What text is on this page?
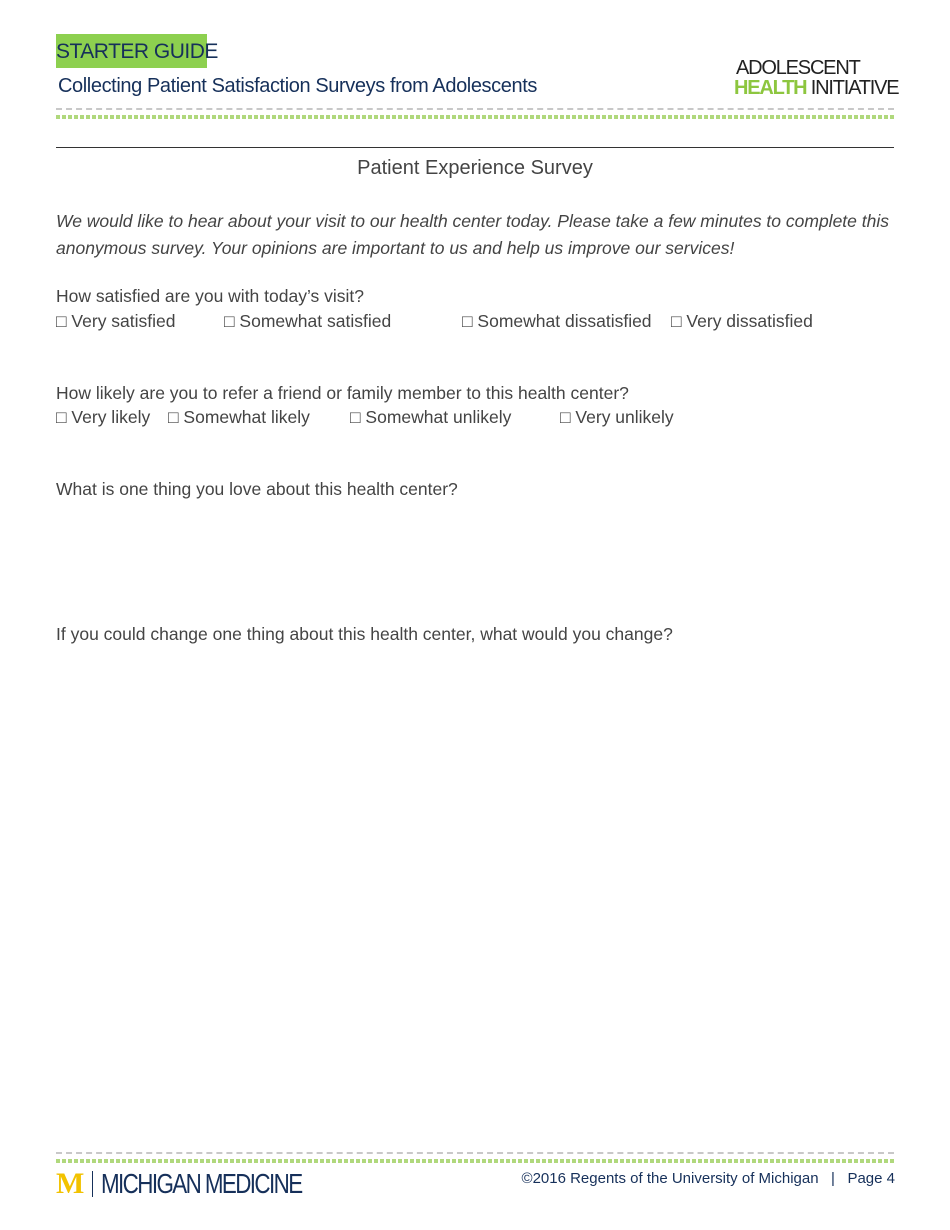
STARTER GUIDE
Collecting Patient Satisfaction Surveys from Adolescents
ADOLESCENT
HEALTH INITIATIVE
Patient Experience Survey
We would like to hear about your visit to our health center today. Please take a few minutes to complete this anonymous survey. Your opinions are important to us and help us improve our services!
How satisfied are you with today’s visit?
□ Very satisfied	□ Somewhat satisfied	□ Somewhat dissatisfied □ Very dissatisfied
How likely are you to refer a friend or family member to this health center?
□ Very likely □ Somewhat likely □ Somewhat unlikely	□ Very unlikely
What is one thing you love about this health center?
If you could change one thing about this health center, what would you change?
M MICHIGAN MEDICINE	©2016 Regents of the University of Michigan   |   Page 4
